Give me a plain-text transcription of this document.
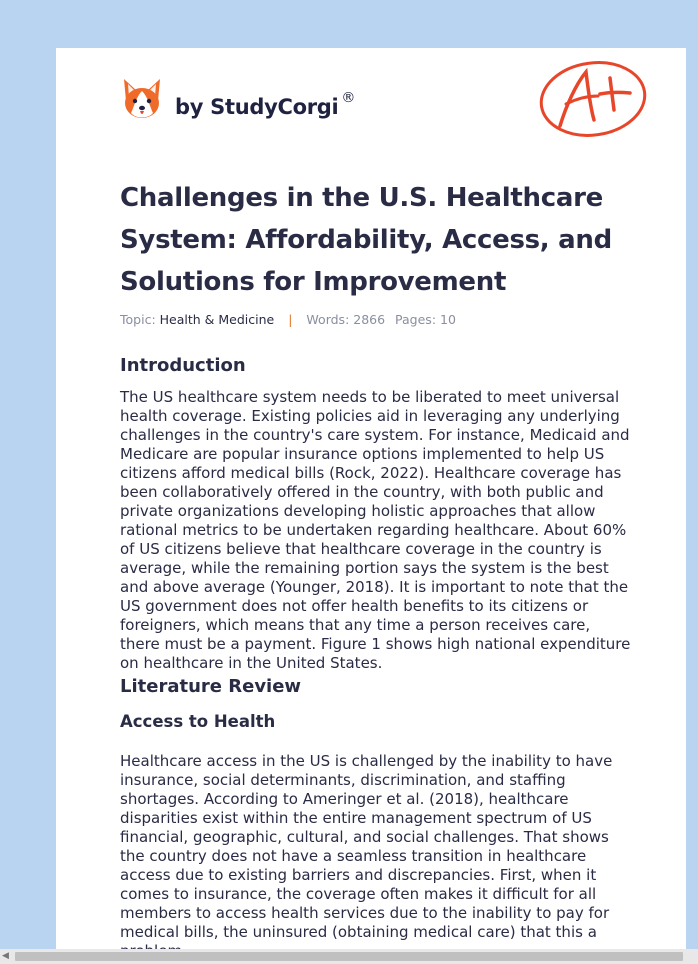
by StudyCorgi ®
A+
Challenges in the U.S. Healthcare System: Affordability, Access, and Solutions for Improvement
Topic: Health & Medicine | Words: 2866 Pages: 10
Introduction

The US healthcare system needs to be liberated to meet universal health coverage. Existing policies aid in leveraging any underlying challenges in the country's care system. For instance, Medicaid and Medicare are popular insurance options implemented to help US citizens afford medical bills (Rock, 2022). Healthcare coverage has been collaboratively offered in the country, with both public and private organizations developing holistic approaches that allow rational metrics to be undertaken regarding healthcare. About 60% of US citizens believe that healthcare coverage in the country is average, while the remaining portion says the system is the best and above average (Younger, 2018). It is important to note that the US government does not offer health benefits to its citizens or foreigners, which means that any time a person receives care, there must be a payment. Figure 1 shows high national expenditure on healthcare in the United States.

Literature Review
Access to Health

Healthcare access in the US is challenged by the inability to have insurance, social determinants, discrimination, and staffing shortages. According to Ameringer et al. (2018), healthcare disparities exist within the entire management spectrum of US financial, geographic, cultural, and social challenges. That shows the country does not have a seamless transition in healthcare access due to existing barriers and discrepancies. First, when it comes to insurance, the coverage often makes it difficult for all members to access health services due to the inability to pay for medical bills, the uninsured (obtaining medical care) that this a

◀
